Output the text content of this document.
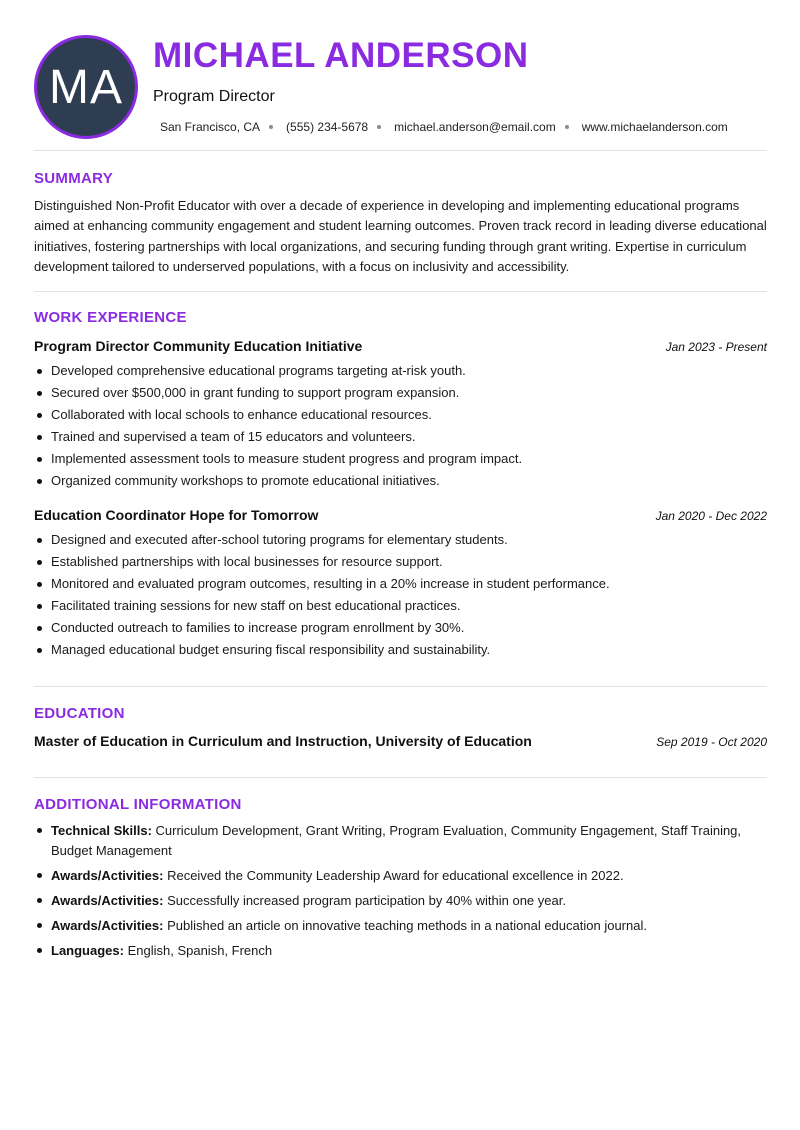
MA
MICHAEL ANDERSON
Program Director
San Francisco, CA (555) 234-5678 michael.anderson@email.com www.michaelanderson.com
SUMMARY

Distinguished Non-Profit Educator with over a decade of experience in developing and implementing educational programs aimed at enhancing community engagement and student learning outcomes. Proven track record in leading diverse educational initiatives, fostering partnerships with local organizations, and securing funding through grant writing. Expertise in curriculum development tailored to underserved populations, with a focus on inclusivity and accessibility.

WORK EXPERIENCE
Program Director Community Education Initiative	Jan 2023 - Present
Developed comprehensive educational programs targeting at-risk youth.
Secured over $500,000 in grant funding to support program expansion.
Collaborated with local schools to enhance educational resources.
Trained and supervised a team of 15 educators and volunteers.
Implemented assessment tools to measure student progress and program impact.
Organized community workshops to promote educational initiatives.
Education Coordinator Hope for Tomorrow	Jan 2020 - Dec 2022
Designed and executed after-school tutoring programs for elementary students.
Established partnerships with local businesses for resource support.
Monitored and evaluated program outcomes, resulting in a 20% increase in student performance.
Facilitated training sessions for new staff on best educational practices.
Conducted outreach to families to increase program enrollment by 30%.
Managed educational budget ensuring fiscal responsibility and sustainability.
EDUCATION
Master of Education in Curriculum and Instruction, University of Education	Sep 2019 - Oct 2020
ADDITIONAL INFORMATION
Technical Skills: Curriculum Development, Grant Writing, Program Evaluation, Community Engagement, Staff Training, Budget Management
Awards/Activities: Received the Community Leadership Award for educational excellence in 2022.
Awards/Activities: Successfully increased program participation by 40% within one year.
Awards/Activities: Published an article on innovative teaching methods in a national education journal.
Languages: English, Spanish, French
